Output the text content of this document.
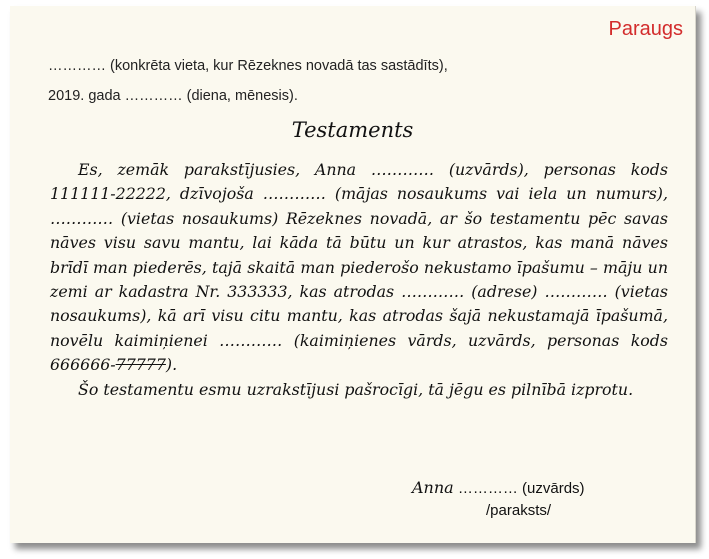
Paraugs
………… (konkrēta vieta, kur Rēzeknes novadā tas sastādīts),
2019. gada ………… (diena, mēnesis).
Testaments

Es, zemāk parakstījusies, Anna ………… (uzvārds), personas kods 111111-22222, dzīvojoša ………… (mājas nosaukums vai iela un numurs), ………… (vietas nosaukums) Rēzeknes novadā, ar šo testamentu pēc savas nāves visu savu mantu, lai kāda tā būtu un kur atrastos, kas manā nāves brīdī man piederēs, tajā skaitā man piederošo nekustamo īpašumu – māju un zemi ar kadastra Nr. 333333, kas atrodas ………… (adrese) ………… (vietas nosaukums), kā arī visu citu mantu, kas atrodas šajā nekustamajā īpašumā, novēlu kaimiņienei ………… (kaimiņienes vārds, uzvārds, personas kods 666666-77777).

Šo testamentu esmu uzrakstījusi pašrocīgi, tā jēgu es pilnībā izprotu.

Anna ………… (uzvārds)
/paraksts/
